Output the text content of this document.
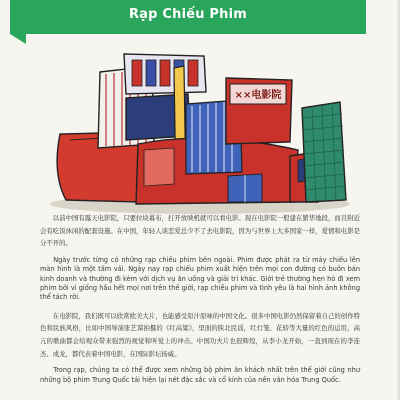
Rạp Chiếu Phim
××电影院

以前中国有露天电影院，只要拉块幕布，打开放映机就可以看电影。现在电影院一般建在繁华地段，而且附近会有吃饭休闲的配套设施。在中国，年轻人谈恋爱总少不了去电影院，因为与世界上大多国家一样，爱情和电影是分不开的。

Ngày trước từng có những rạp chiếu phim bên ngoài. Phim được phát ra từ máy chiếu lên màn hình là một tấm vải. Ngày nay rạp chiếu phim xuất hiện trên mọi con đường có buôn bán kinh doanh và thường đi kèm với dịch vụ ăn uống và giải trí khác. Giới trẻ thường hẹn hò đi xem phim bởi vì giống hầu hết mọi nơi trên thế giới, rạp chiếu phim và tình yêu là hai hình ảnh không thể tách rời.

在电影院，我们既可以欣赏欧美大片，也能感受原汁原味的中国文化。很多中国电影仍然保留着自己的创作特色和民族风格，比如中国导演张艺谋拍摄的《红高粱》，里面的陕北民谣，红灯笼、花轿等大量的红色的运用，高亢的歌曲都会给观众带来强烈的视觉和听觉上的冲击。中国功夫片也很辉煌，从李小龙开始，一直到现在的李连杰、成龙，都代表着中国电影，在国际影坛扬威。

Trong rạp, chúng ta có thể được xem những bộ phim ăn khách nhất trên thế giới cũng như những bộ phim Trung Quốc tái hiện lại nét đặc sắc và cổ kính của nền văn hóa Trung Quốc.
